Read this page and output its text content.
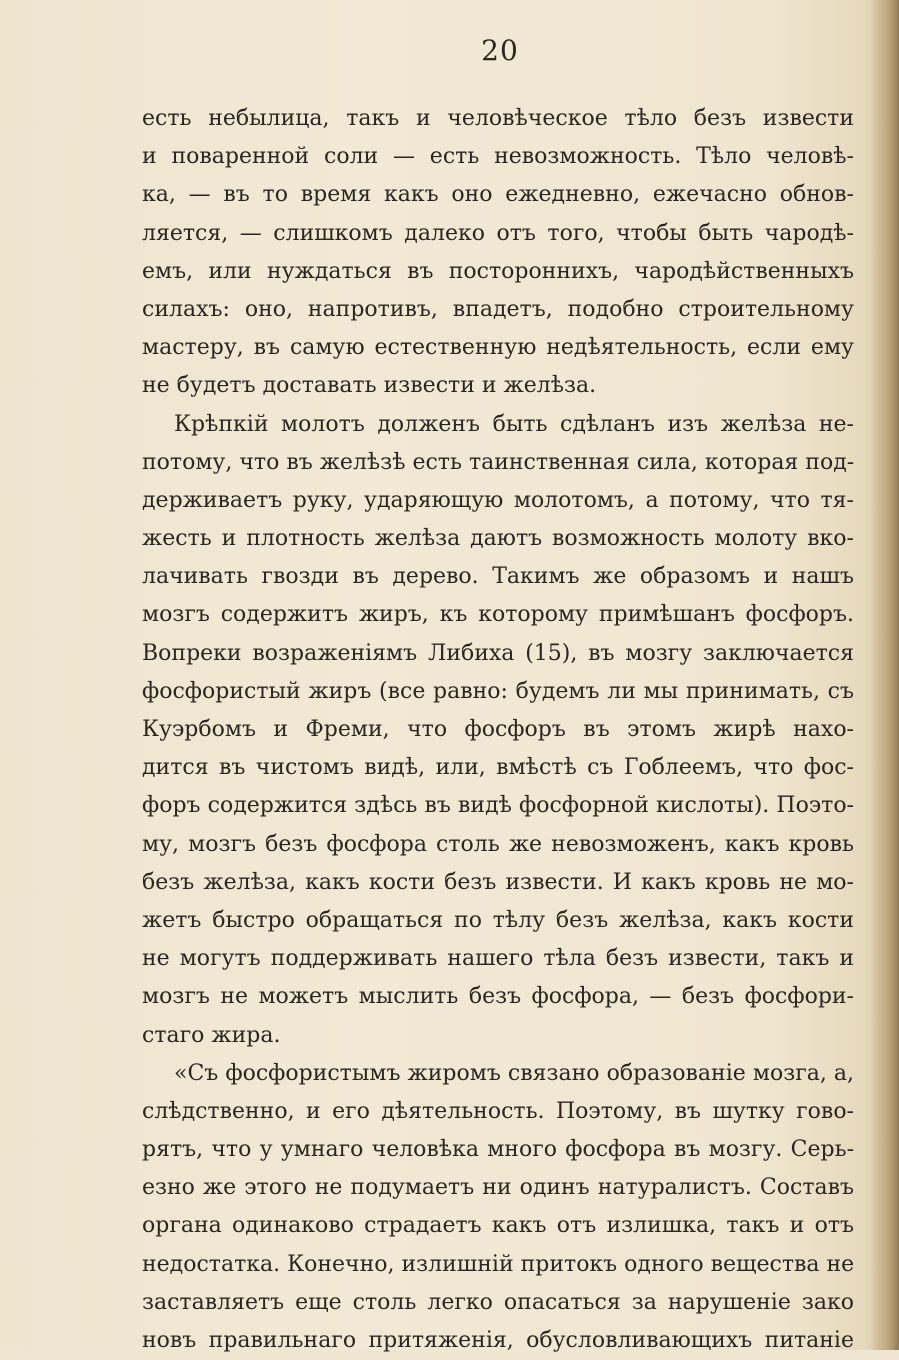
20
есть небылица, такъ и человѣческое тѣло безъ извести
и поваренной соли — есть невозможность. Тѣло человѣ-
ка, — въ то время какъ оно ежедневно, ежечасно обнов-
ляется, — слишкомъ далеко отъ того, чтобы быть чародѣ-
емъ, или нуждаться въ постороннихъ, чародѣйственныхъ
силахъ: оно, напротивъ, впадетъ, подобно строительному
мастеру, въ самую естественную недѣятельность, если ему
не будетъ доставать извести и желѣза.
Крѣпкій молотъ долженъ быть сдѣланъ изъ желѣза не-
потому, что въ желѣзѣ есть таинственная сила, которая под-
держиваетъ руку, ударяющую молотомъ, а потому, что тя-
жесть и плотность желѣза даютъ возможность молоту вко-
лачивать гвозди въ дерево. Такимъ же образомъ и нашъ
мозгъ содержитъ жиръ, къ которому примѣшанъ фосфоръ.
Вопреки возраженіямъ Либиха (15), въ мозгу заключается
фосфористый жиръ (все равно: будемъ ли мы принимать, съ
Куэрбомъ и Фреми, что фосфоръ въ этомъ жирѣ нахо-
дится въ чистомъ видѣ, или, вмѣстѣ съ Гоблеемъ, что фос-
форъ содержится здѣсь въ видѣ фосфорной кислоты). Поэто-
му, мозгъ безъ фосфора столь же невозможенъ, какъ кровь
безъ желѣза, какъ кости безъ извести. И какъ кровь не мо-
жетъ быстро обращаться по тѣлу безъ желѣза, какъ кости
не могутъ поддерживать нашего тѣла безъ извести, такъ и
мозгъ не можетъ мыслить безъ фосфора, — безъ фосфори-
стаго жира.
«Съ фосфористымъ жиромъ связано образованіе мозга, а,
слѣдственно, и его дѣятельность. Поэтому, въ шутку гово-
рятъ, что у умнаго человѣка много фосфора въ мозгу. Серь-
езно же этого не подумаетъ ни одинъ натуралистъ. Составъ
органа одинаково страдаетъ какъ отъ излишка, такъ и отъ
недостатка. Конечно, излишній притокъ одного вещества не
заставляетъ еще столь легко опасаться за нарушеніе зако
новъ правильнаго притяженія, обусловливающихъ питаніе
